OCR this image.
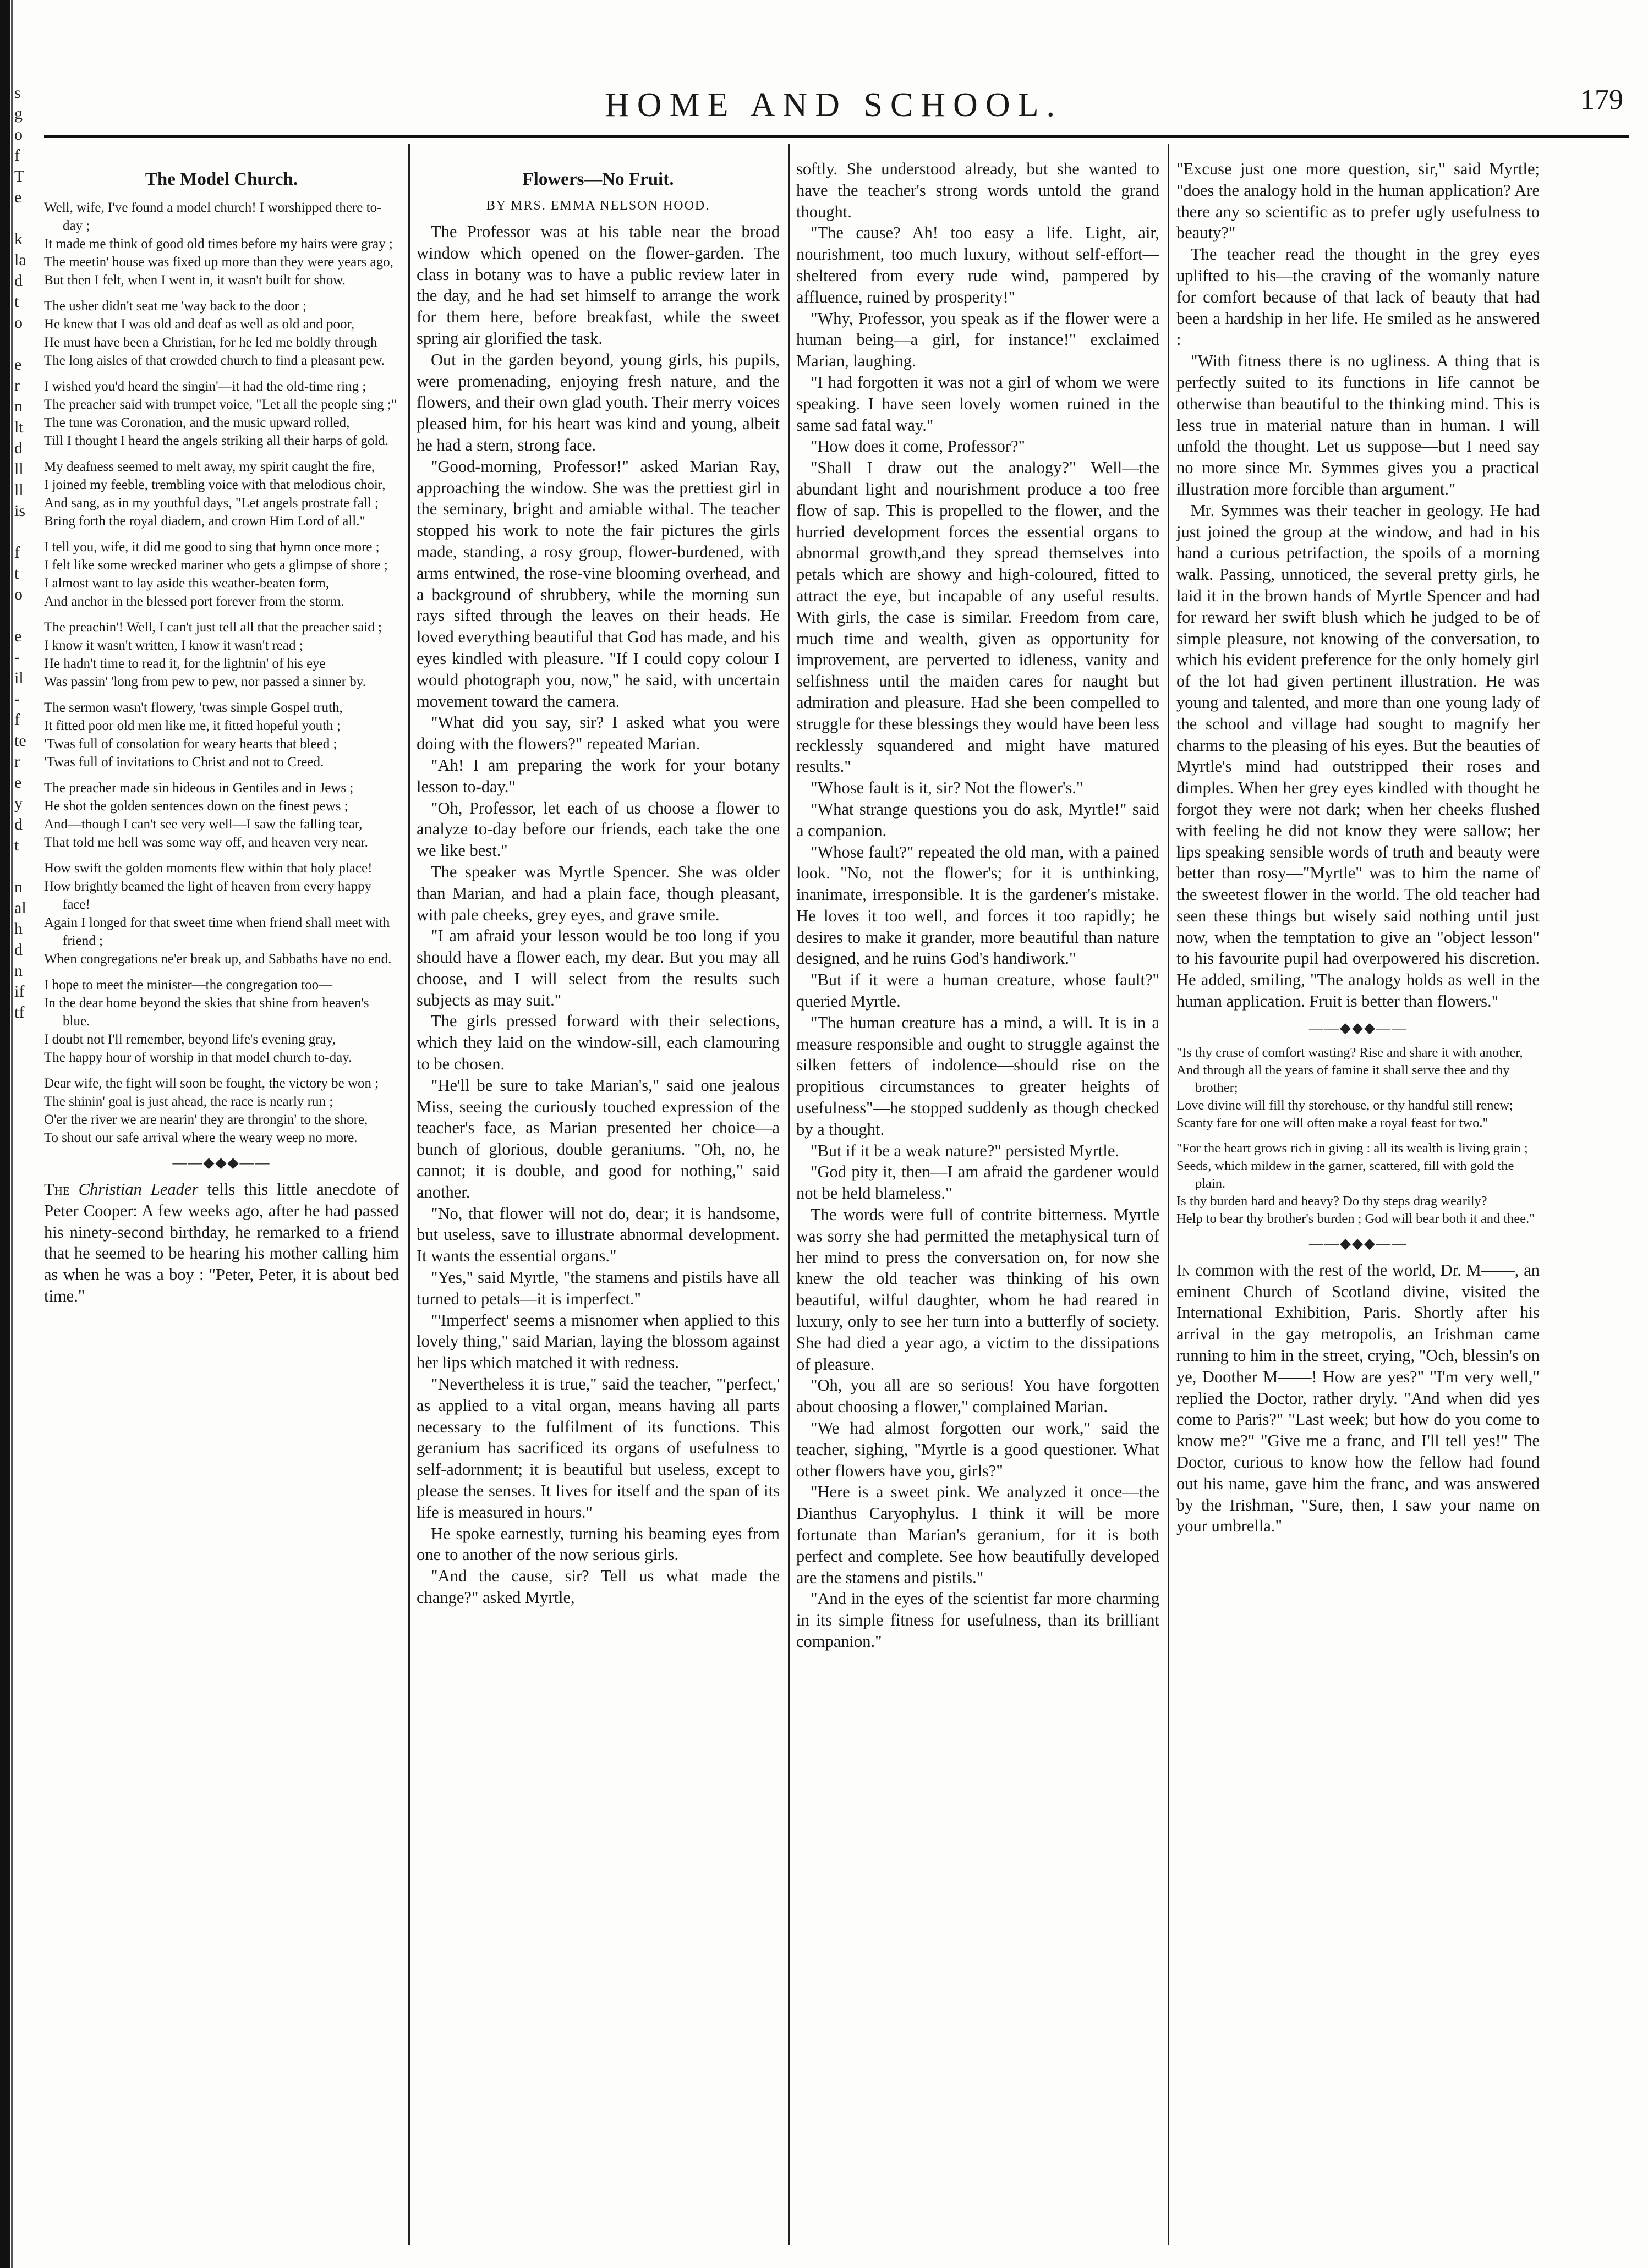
s
g
of
Te

k
la
d
to

er
n
lt
d
ll
ll
is

f
to

e
-
il-
f
te
re
y
d
t

n
al
h
d
n
if
tf
HOME AND SCHOOL.	179
The Model Church.

Well, wife, I've found a model church! I worshipped there to-day ;
It made me think of good old times before my hairs were gray ;
The meetin' house was fixed up more than they were years ago,
But then I felt, when I went in, it wasn't built for show.

The usher didn't seat me 'way back to the door ;
He knew that I was old and deaf as well as old and poor,
He must have been a Christian, for he led me boldly through
The long aisles of that crowded church to find a pleasant pew.

I wished you'd heard the singin'—it had the old-time ring ;
The preacher said with trumpet voice, "Let all the people sing ;"
The tune was Coronation, and the music upward rolled,
Till I thought I heard the angels striking all their harps of gold.

My deafness seemed to melt away, my spirit caught the fire,
I joined my feeble, trembling voice with that melodious choir,
And sang, as in my youthful days, "Let angels prostrate fall ;
Bring forth the royal diadem, and crown Him Lord of all."

I tell you, wife, it did me good to sing that hymn once more ;
I felt like some wrecked mariner who gets a glimpse of shore ;
I almost want to lay aside this weather-beaten form,
And anchor in the blessed port forever from the storm.

The preachin'! Well, I can't just tell all that the preacher said ;
I know it wasn't written, I know it wasn't read ;
He hadn't time to read it, for the lightnin' of his eye
Was passin' 'long from pew to pew, nor passed a sinner by.

The sermon wasn't flowery, 'twas simple Gospel truth,
It fitted poor old men like me, it fitted hopeful youth ;
'Twas full of consolation for weary hearts that bleed ;
'Twas full of invitations to Christ and not to Creed.

The preacher made sin hideous in Gentiles and in Jews ;
He shot the golden sentences down on the finest pews ;
And—though I can't see very well—I saw the falling tear,
That told me hell was some way off, and heaven very near.

How swift the golden moments flew within that holy place!
How brightly beamed the light of heaven from every happy face!
Again I longed for that sweet time when friend shall meet with friend ;
When congregations ne'er break up, and Sabbaths have no end.

I hope to meet the minister—the congregation too—
In the dear home beyond the skies that shine from heaven's blue.
I doubt not I'll remember, beyond life's evening gray,
The happy hour of worship in that model church to-day.

Dear wife, the fight will soon be fought, the victory be won ;
The shinin' goal is just ahead, the race is nearly run ;
O'er the river we are nearin' they are throngin' to the shore,
To shout our safe arrival where the weary weep no more.

——◆◆◆——

The Christian Leader tells this little anecdote of Peter Cooper: A few weeks ago, after he had passed his ninety-second birthday, he remarked to a friend that he seemed to be hearing his mother calling him as when he was a boy : "Peter, Peter, it is about bed time."

Flowers—No Fruit.
BY MRS. EMMA NELSON HOOD.

The Professor was at his table near the broad window which opened on the flower-garden. The class in botany was to have a public review later in the day, and he had set himself to arrange the work for them here, before breakfast, while the sweet spring air glorified the task.

Out in the garden beyond, young girls, his pupils, were promenading, enjoying fresh nature, and the flowers, and their own glad youth. Their merry voices pleased him, for his heart was kind and young, albeit he had a stern, strong face.

"Good-morning, Professor!" asked Marian Ray, approaching the window. She was the prettiest girl in the seminary, bright and amiable withal. The teacher stopped his work to note the fair pictures the girls made, standing, a rosy group, flower-burdened, with arms entwined, the rose-vine blooming overhead, and a background of shrubbery, while the morning sun rays sifted through the leaves on their heads. He loved everything beautiful that God has made, and his eyes kindled with pleasure. "If I could copy colour I would photograph you, now," he said, with uncertain movement toward the camera.

"What did you say, sir? I asked what you were doing with the flowers?" repeated Marian.

"Ah! I am preparing the work for your botany lesson to-day."

"Oh, Professor, let each of us choose a flower to analyze to-day before our friends, each take the one we like best."

The speaker was Myrtle Spencer. She was older than Marian, and had a plain face, though pleasant, with pale cheeks, grey eyes, and grave smile.

"I am afraid your lesson would be too long if you should have a flower each, my dear. But you may all choose, and I will select from the results such subjects as may suit."

The girls pressed forward with their selections, which they laid on the window-sill, each clamouring to be chosen.

"He'll be sure to take Marian's," said one jealous Miss, seeing the curiously touched expression of the teacher's face, as Marian presented her choice—a bunch of glorious, double geraniums. "Oh, no, he cannot; it is double, and good for nothing," said another.

"No, that flower will not do, dear; it is handsome, but useless, save to illustrate abnormal development. It wants the essential organs."

"Yes," said Myrtle, "the stamens and pistils have all turned to petals—it is imperfect."

"'Imperfect' seems a misnomer when applied to this lovely thing," said Marian, laying the blossom against her lips which matched it with redness.

"Nevertheless it is true," said the teacher, "'perfect,' as applied to a vital organ, means having all parts necessary to the fulfilment of its functions. This geranium has sacrificed its organs of usefulness to self-adornment; it is beautiful but useless, except to please the senses. It lives for itself and the span of its life is measured in hours."

He spoke earnestly, turning his beaming eyes from one to another of the now serious girls.

"And the cause, sir? Tell us what made the change?" asked Myrtle,

softly. She understood already, but she wanted to have the teacher's strong words untold the grand thought.

"The cause? Ah! too easy a life. Light, air, nourishment, too much luxury, without self-effort—sheltered from every rude wind, pampered by affluence, ruined by prosperity!"

"Why, Professor, you speak as if the flower were a human being—a girl, for instance!" exclaimed Marian, laughing.

"I had forgotten it was not a girl of whom we were speaking. I have seen lovely women ruined in the same sad fatal way."

"How does it come, Professor?"

"Shall I draw out the analogy?" Well—the abundant light and nourishment produce a too free flow of sap. This is propelled to the flower, and the hurried development forces the essential organs to abnormal growth,and they spread themselves into petals which are showy and high-coloured, fitted to attract the eye, but incapable of any useful results. With girls, the case is similar. Freedom from care, much time and wealth, given as opportunity for improvement, are perverted to idleness, vanity and selfishness until the maiden cares for naught but admiration and pleasure. Had she been compelled to struggle for these blessings they would have been less recklessly squandered and might have matured results."

"Whose fault is it, sir? Not the flower's."

"What strange questions you do ask, Myrtle!" said a companion.

"Whose fault?" repeated the old man, with a pained look. "No, not the flower's; for it is unthinking, inanimate, irresponsible. It is the gardener's mistake. He loves it too well, and forces it too rapidly; he desires to make it grander, more beautiful than nature designed, and he ruins God's handiwork."

"But if it were a human creature, whose fault?" queried Myrtle.

"The human creature has a mind, a will. It is in a measure responsible and ought to struggle against the silken fetters of indolence—should rise on the propitious circumstances to greater heights of usefulness"—he stopped suddenly as though checked by a thought.

"But if it be a weak nature?" persisted Myrtle.

"God pity it, then—I am afraid the gardener would not be held blameless."

The words were full of contrite bitterness. Myrtle was sorry she had permitted the metaphysical turn of her mind to press the conversation on, for now she knew the old teacher was thinking of his own beautiful, wilful daughter, whom he had reared in luxury, only to see her turn into a butterfly of society. She had died a year ago, a victim to the dissipations of pleasure.

"Oh, you all are so serious! You have forgotten about choosing a flower," complained Marian.

"We had almost forgotten our work," said the teacher, sighing, "Myrtle is a good questioner. What other flowers have you, girls?"

"Here is a sweet pink. We analyzed it once—the Dianthus Caryophylus. I think it will be more fortunate than Marian's geranium, for it is both perfect and complete. See how beautifully developed are the stamens and pistils."

"And in the eyes of the scientist far more charming in its simple fitness for usefulness, than its brilliant companion."

"Excuse just one more question, sir," said Myrtle; "does the analogy hold in the human application? Are there any so scientific as to prefer ugly usefulness to beauty?"

The teacher read the thought in the grey eyes uplifted to his—the craving of the womanly nature for comfort because of that lack of beauty that had been a hardship in her life. He smiled as he answered :

"With fitness there is no ugliness. A thing that is perfectly suited to its functions in life cannot be otherwise than beautiful to the thinking mind. This is less true in material nature than in human. I will unfold the thought. Let us suppose—but I need say no more since Mr. Symmes gives you a practical illustration more forcible than argument."

Mr. Symmes was their teacher in geology. He had just joined the group at the window, and had in his hand a curious petrifaction, the spoils of a morning walk. Passing, unnoticed, the several pretty girls, he laid it in the brown hands of Myrtle Spencer and had for reward her swift blush which he judged to be of simple pleasure, not knowing of the conversation, to which his evident preference for the only homely girl of the lot had given pertinent illustration. He was young and talented, and more than one young lady of the school and village had sought to magnify her charms to the pleasing of his eyes. But the beauties of Myrtle's mind had outstripped their roses and dimples. When her grey eyes kindled with thought he forgot they were not dark; when her cheeks flushed with feeling he did not know they were sallow; her lips speaking sensible words of truth and beauty were better than rosy—"Myrtle" was to him the name of the sweetest flower in the world. The old teacher had seen these things but wisely said nothing until just now, when the temptation to give an "object lesson" to his favourite pupil had overpowered his discretion. He added, smiling, "The analogy holds as well in the human application. Fruit is better than flowers."

——◆◆◆——

"Is thy cruse of comfort wasting? Rise and share it with another,
And through all the years of famine it shall serve thee and thy brother;
Love divine will fill thy storehouse, or thy handful still renew;
Scanty fare for one will often make a royal feast for two."

"For the heart grows rich in giving : all its wealth is living grain ;
Seeds, which mildew in the garner, scattered, fill with gold the plain.
Is thy burden hard and heavy? Do thy steps drag wearily?
Help to bear thy brother's burden ; God will bear both it and thee."

——◆◆◆——

In common with the rest of the world, Dr. M——, an eminent Church of Scotland divine, visited the International Exhibition, Paris. Shortly after his arrival in the gay metropolis, an Irishman came running to him in the street, crying, "Och, blessin's on ye, Doother M——! How are yes?" "I'm very well," replied the Doctor, rather dryly. "And when did yes come to Paris?" "Last week; but how do you come to know me?" "Give me a franc, and I'll tell yes!" The Doctor, curious to know how the fellow had found out his name, gave him the franc, and was answered by the Irishman, "Sure, then, I saw your name on your umbrella."
